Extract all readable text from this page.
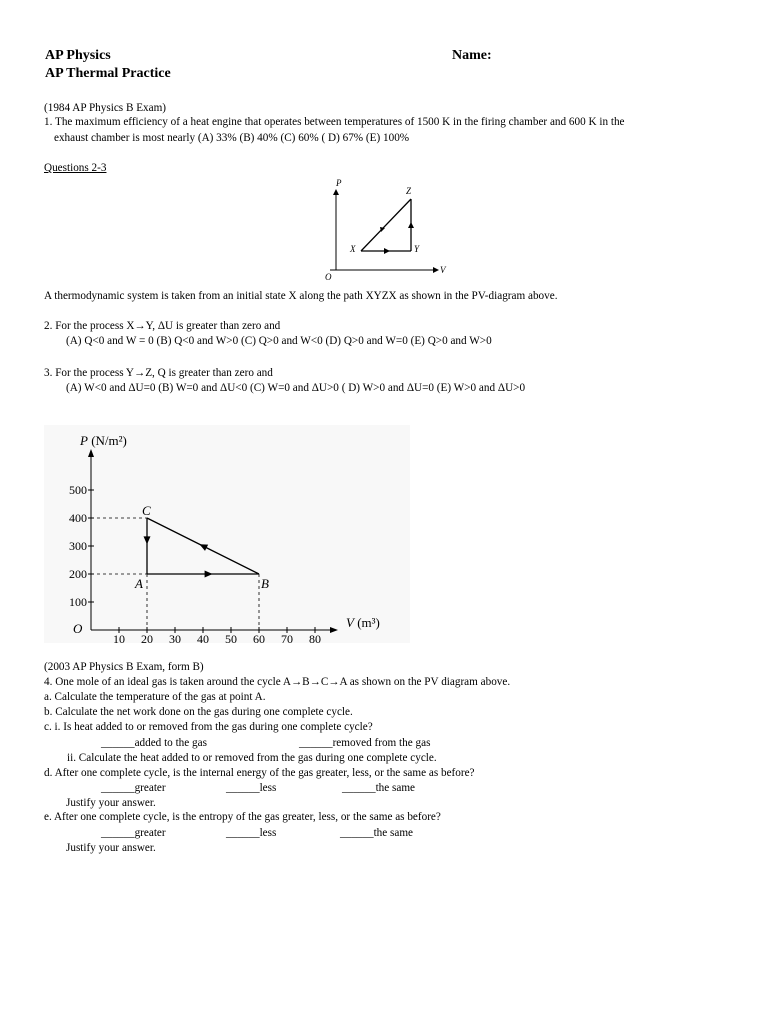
AP Physics
AP Thermal Practice
Name:
(1984 AP Physics B Exam)
1. The maximum efficiency of a heat engine that operates between temperatures of 1500 K in the firing chamber and 600 K in the
exhaust chamber is most nearly (A) 33% (B) 40% (C) 60% ( D) 67% (E) 100%
Questions 2-3
P
V
O
X	Y
Z
A thermodynamic system is taken from an initial state X along the path XYZX as shown in the PV-diagram above.
2. For the process X→Y, ΔU is greater than zero and
(A) Q<0 and W = 0 (B) Q<0 and W>0 (C) Q>0 and W<0 (D) Q>0 and W=0 (E) Q>0 and W>0
3. For the process Y→Z, Q is greater than zero and
(A) W<0 and ΔU=0 (B) W=0 and ΔU<0 (C) W=0 and ΔU>0 ( D) W>0 and ΔU=0 (E) W>0 and ΔU>0
P (N/m²)
V (m³)
O
100
200
300
400
500
10 20 30 40 50 60 70 80
A	B
C
(2003 AP Physics B Exam, form B)
4. One mole of an ideal gas is taken around the cycle A→B→C→A as shown on the PV diagram above.
a. Calculate the temperature of the gas at point A.
b. Calculate the net work done on the gas during one complete cycle.
c. i. Is heat added to or removed from the gas during one complete cycle?
______added to the gas	______removed from the gas
ii. Calculate the heat added to or removed from the gas during one complete cycle.
d. After one complete cycle, is the internal energy of the gas greater, less, or the same as before?
______greater	______less	______the same
Justify your answer.
e. After one complete cycle, is the entropy of the gas greater, less, or the same as before?
______greater	______less	______the same
Justify your answer.
